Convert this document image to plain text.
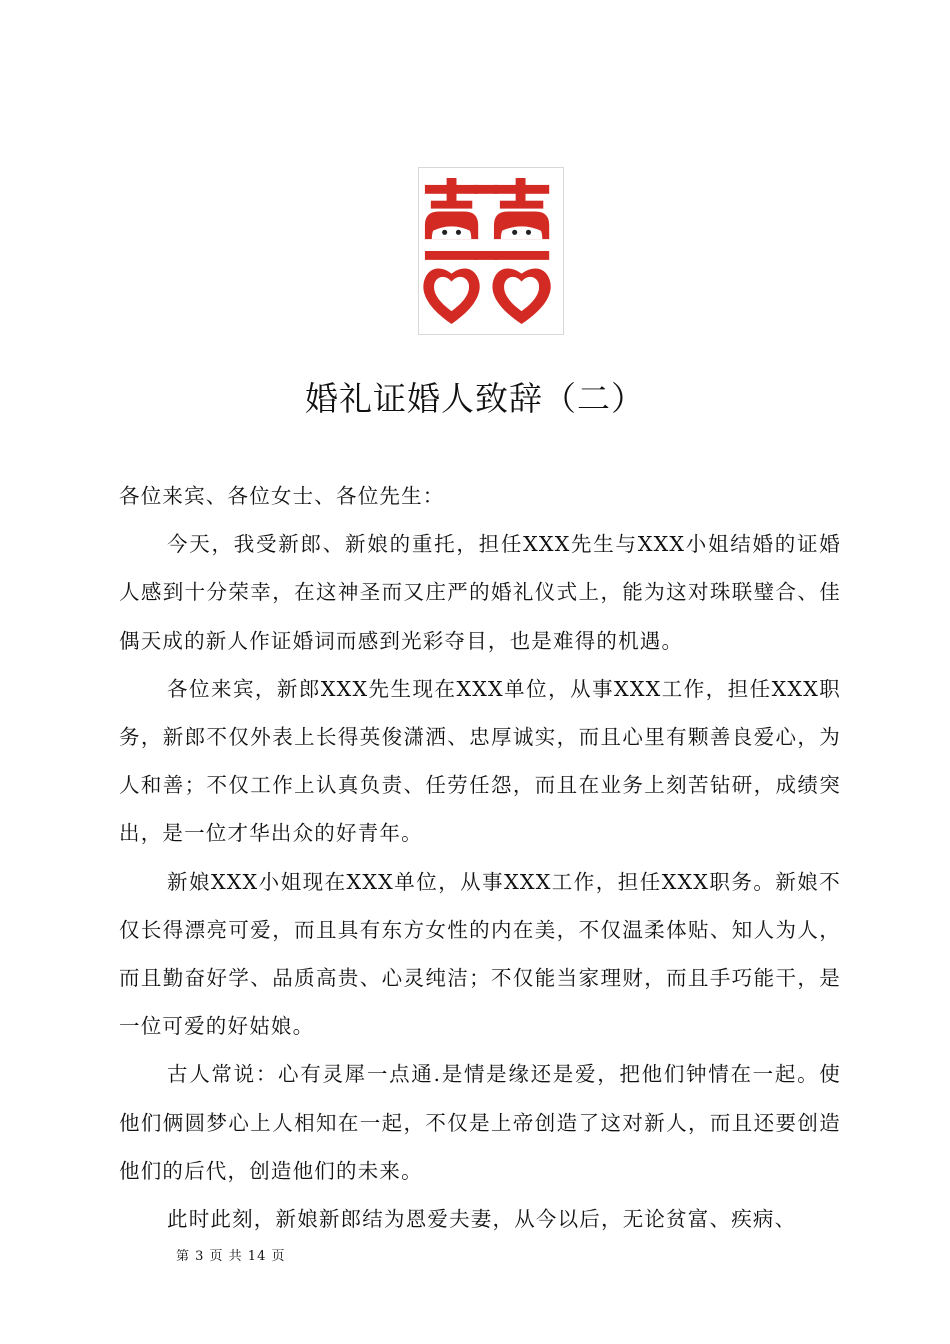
婚礼证婚人致辞（二）

各位来宾、各位女士、各位先生：

今天，我受新郎、新娘的重托，担任XXX先生与XXX小姐结婚的证婚人感到十分荣幸，在这神圣而又庄严的婚礼仪式上，能为这对珠联璧合、佳偶天成的新人作证婚词而感到光彩夺目，也是难得的机遇。

各位来宾，新郎XXX先生现在XXX单位，从事XXX工作，担任XXX职务，新郎不仅外表上长得英俊潇洒、忠厚诚实，而且心里有颗善良爱心，为人和善；不仅工作上认真负责、任劳任怨，而且在业务上刻苦钻研，成绩突出，是一位才华出众的好青年。

新娘XXX小姐现在XXX单位，从事XXX工作，担任XXX职务。新娘不仅长得漂亮可爱，而且具有东方女性的内在美，不仅温柔体贴、知人为人，而且勤奋好学、品质高贵、心灵纯洁；不仅能当家理财，而且手巧能干，是一位可爱的好姑娘。

古人常说：心有灵犀一点通.是情是缘还是爱，把他们钟情在一起。使他们俩圆梦心上人相知在一起，不仅是上帝创造了这对新人，而且还要创造他们的后代，创造他们的未来。

此时此刻，新娘新郎结为恩爱夫妻，从今以后，无论贫富、疾病、

第 3 页 共 14 页
